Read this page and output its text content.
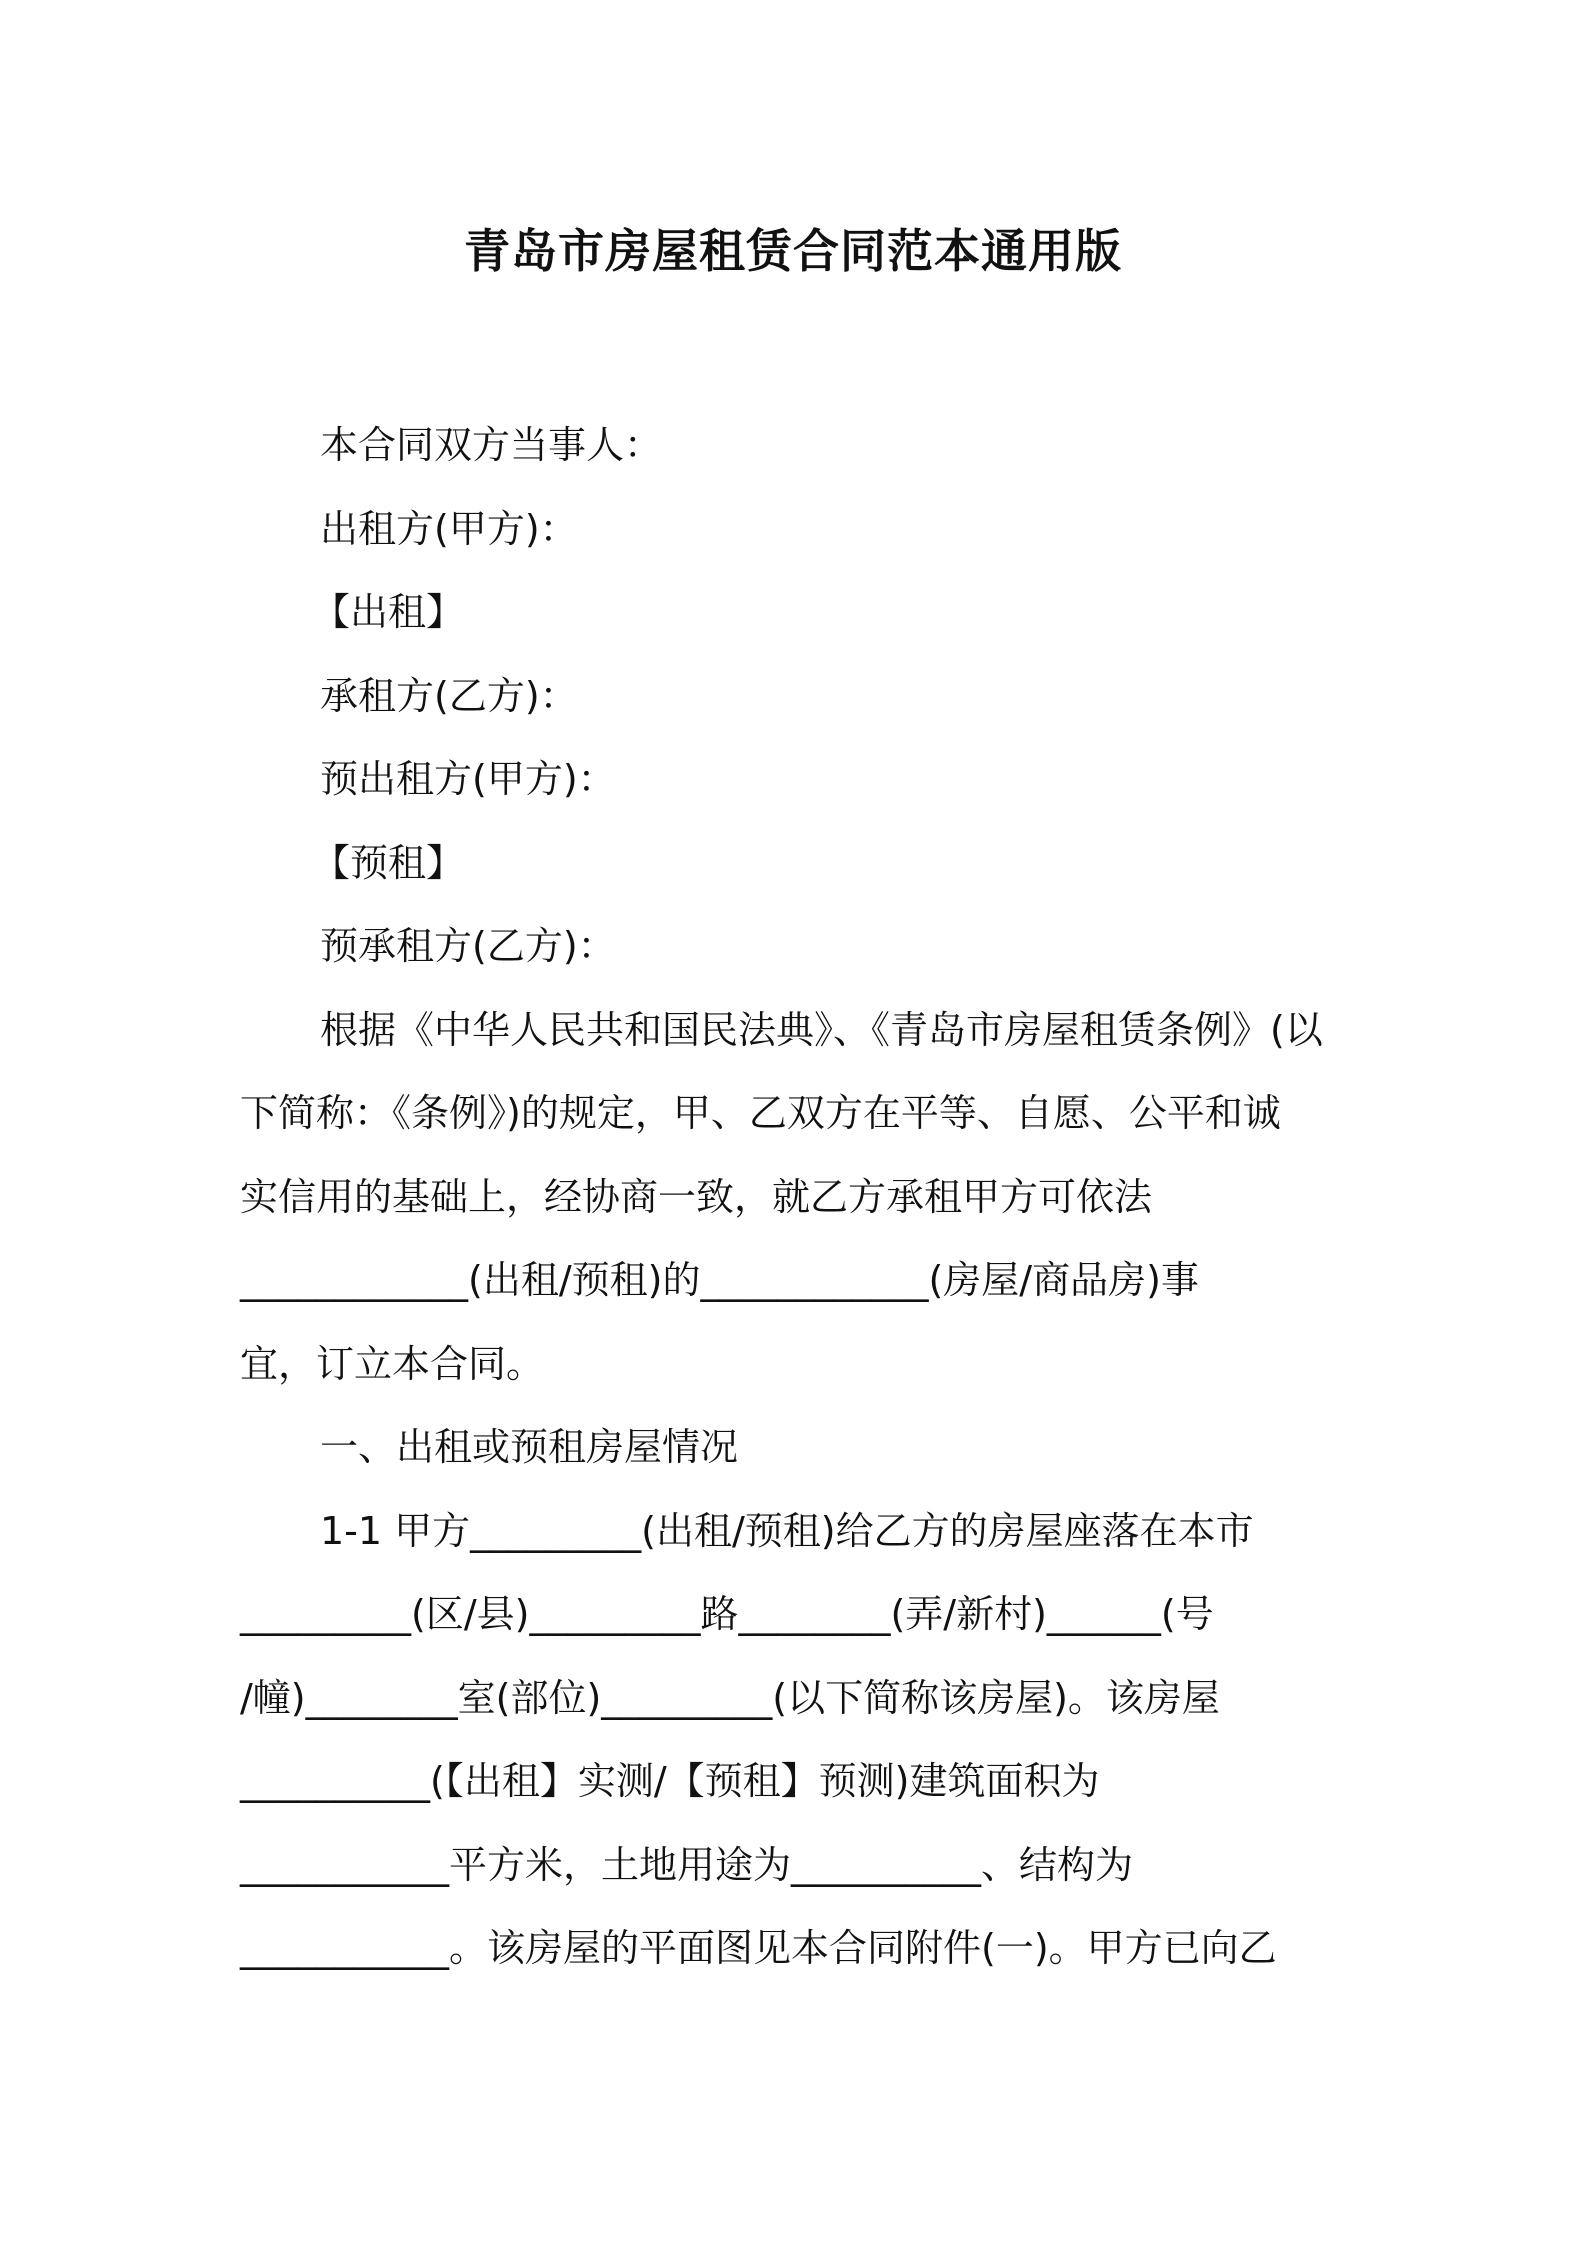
青岛市房屋租赁合同范本通用版
本合同双方当事人：
出租方(甲方)：
【出租】
承租方(乙方)：
预出租方(甲方)：
【预租】
预承租方(乙方)：
根据《中华人民共和国民法典》、《青岛市房屋租赁条例》(以
下简称：《条例》)的规定，甲、乙双方在平等、自愿、公平和诚
实信用的基础上，经协商一致，就乙方承租甲方可依法
____________(出租/预租)的____________(房屋/商品房)事
宜，订立本合同。
一、出租或预租房屋情况
1-1 甲方_________(出租/预租)给乙方的房屋座落在本市
_________(区/县)_________路________(弄/新村)______(号
/幢)________室(部位)_________(以下简称该房屋)。该房屋
__________(【出租】实测/【预租】预测)建筑面积为
___________平方米，土地用途为__________、结构为
___________。该房屋的平面图见本合同附件(一)。甲方已向乙
